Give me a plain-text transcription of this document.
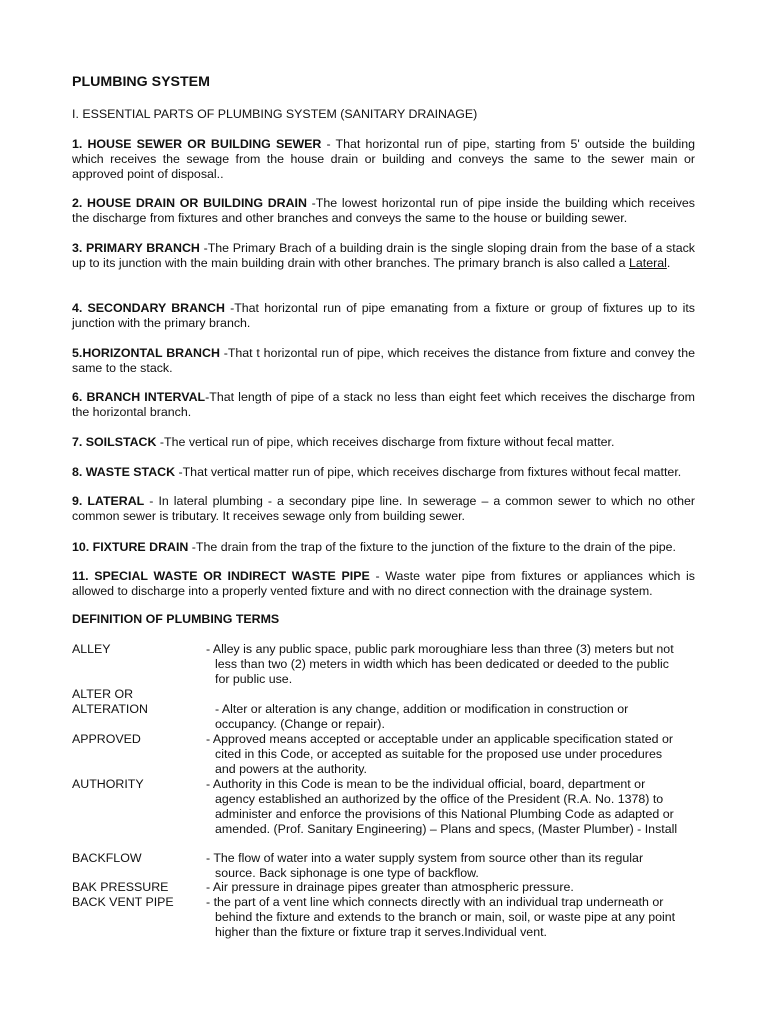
PLUMBING SYSTEM
I. ESSENTIAL PARTS OF PLUMBING SYSTEM (SANITARY DRAINAGE)
1. HOUSE SEWER OR BUILDING SEWER - That horizontal run of pipe, starting from 5' outside the building which receives the sewage from the house drain or building and conveys the same to the sewer main or approved point of disposal..
2. HOUSE DRAIN OR BUILDING DRAIN -The lowest horizontal run of pipe inside the building which receives the discharge from fixtures and other branches and conveys the same to the house or building sewer.
3. PRIMARY BRANCH -The Primary Brach of a building drain is the single sloping drain from the base of a stack up to its junction with the main building drain with other branches. The primary branch is also called a Lateral.
4. SECONDARY BRANCH -That horizontal run of pipe emanating from a fixture or group of fixtures up to its junction with the primary branch.
5.HORIZONTAL BRANCH -That t horizontal run of pipe, which receives the distance from fixture and convey the same to the stack.
6. BRANCH INTERVAL-That length of pipe of a stack no less than eight feet which receives the discharge from the horizontal branch.
7. SOILSTACK -The vertical run of pipe, which receives discharge from fixture without fecal matter.
8. WASTE STACK -That vertical matter run of pipe, which receives discharge from fixtures without fecal matter.
9. LATERAL - In lateral plumbing - a secondary pipe line. In sewerage – a common sewer to which no other common sewer is tributary. It receives sewage only from building sewer.
10. FIXTURE DRAIN -The drain from the trap of the fixture to the junction of the fixture to the drain of the pipe.
11. SPECIAL WASTE OR INDIRECT WASTE PIPE - Waste water pipe from fixtures or appliances which is allowed to discharge into a properly vented fixture and with no direct connection with the drainage system.
DEFINITION OF PLUMBING TERMS
ALLEY	- Alley is any public space, public park moroughiare less than three (3) meters but not less than two (2) meters in width which has been dedicated or deeded to the public for public use.
ALTER OR
ALTERATION	
- Alter or alteration is any change, addition or modification in construction or occupancy. (Change or repair).
APPROVED	- Approved means accepted or acceptable under an applicable specification stated or cited in this Code, or accepted as suitable for the proposed use under procedures and powers at the authority.
AUTHORITY	- Authority in this Code is mean to be the individual official, board, department or agency established an authorized by the office of the President (R.A. No. 1378) to administer and enforce the provisions of this National Plumbing Code as adapted or amended. (Prof. Sanitary Engineering) – Plans and specs, (Master Plumber) - Install
BACKFLOW	- The flow of water into a water supply system from source other than its regular source. Back siphonage is one type of backflow.
BAK PRESSURE	- Air pressure in drainage pipes greater than atmospheric pressure.
BACK VENT PIPE	- the part of a vent line which connects directly with an individual trap underneath or behind the fixture and extends to the branch or main, soil, or waste pipe at any point higher than the fixture or fixture trap it serves.Individual vent.
